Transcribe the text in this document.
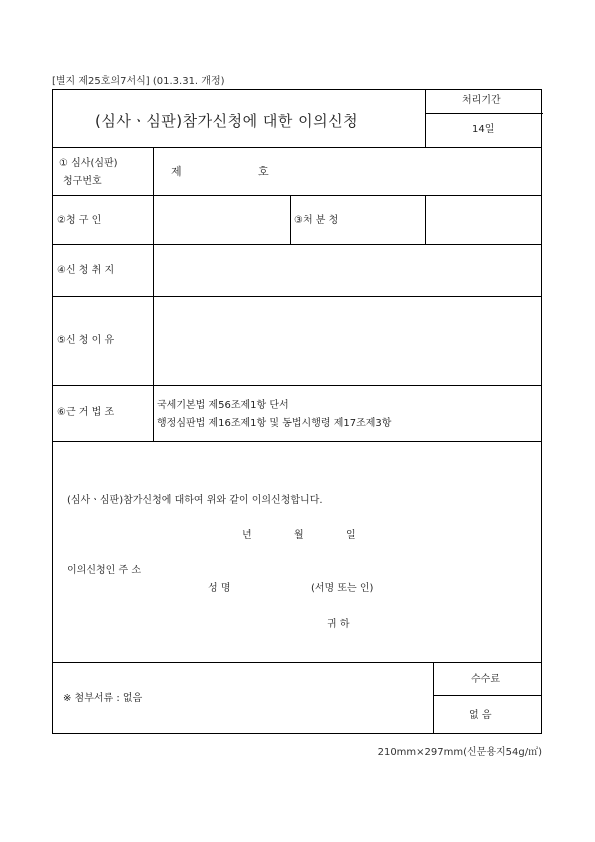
[별지 제25호의7서식] (01.3.31. 개정)
(심사ㆍ심판)참가신청에 대한 이의신청
처리기간
14일
① 심사(심판)
청구번호
제	호
②청 구 인	③처 분 청
④신 청 취 지
⑤신 청 이 유
⑥근 거 법 조
국세기본법 제56조제1항 단서
행정심판법 제16조제1항 및 동법시행령 제17조제3항
(심사ㆍ심판)참가신청에 대하여 위와 같이 이의신청합니다.
년	월	일
이의신청인 주 소
성 명	(서명 또는 인)
귀 하
※ 첨부서류 : 없음
수수료
없 음
210mm×297mm(신문용지54g/㎡)
